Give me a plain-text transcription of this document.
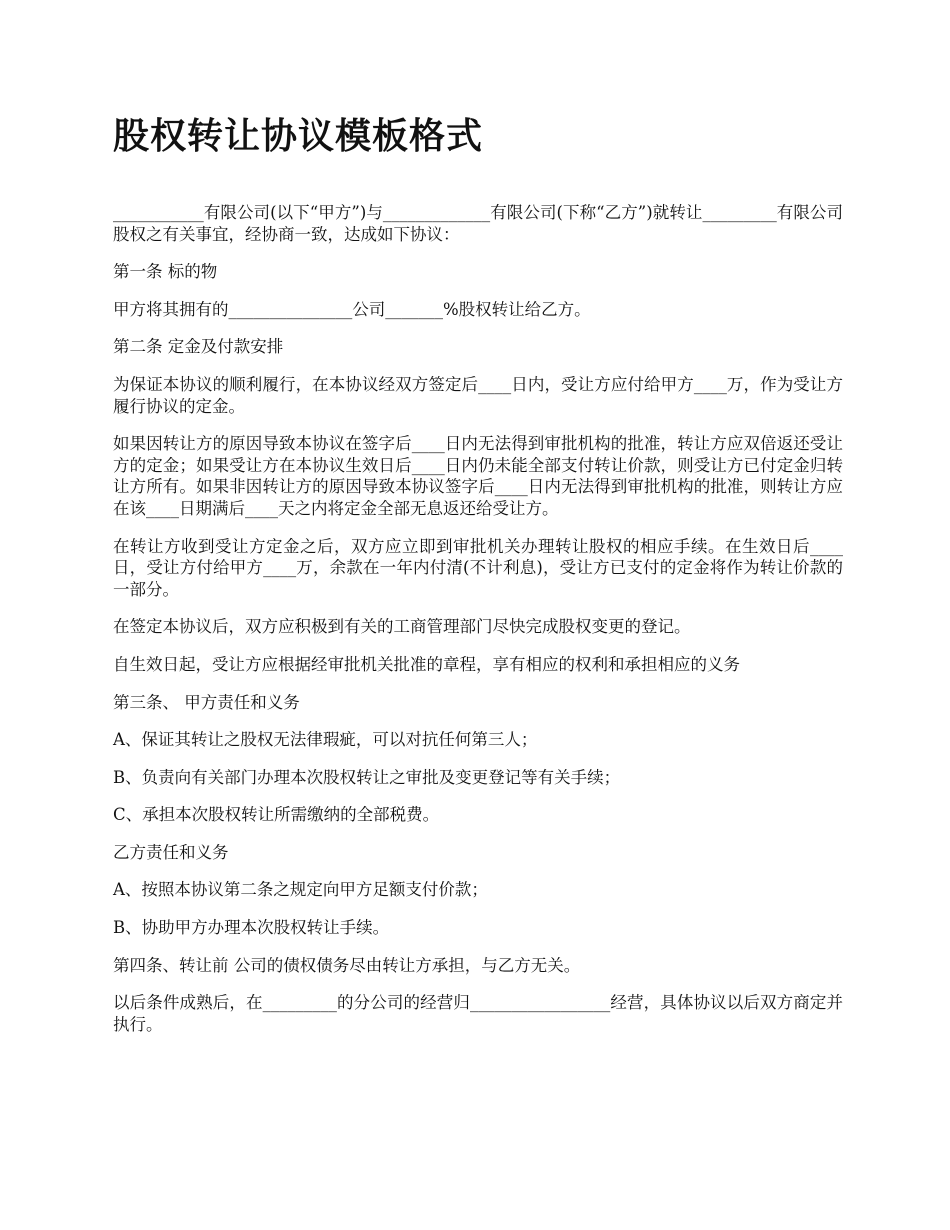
股权转让协议模板格式

___________有限公司(以下“甲方”)与_____________有限公司(下称“乙方”)就转让_________有限公司股权之有关事宜，经协商一致，达成如下协议：

第一条 标的物

甲方将其拥有的_______________公司_______%股权转让给乙方。

第二条 定金及付款安排

为保证本协议的顺利履行，在本协议经双方签定后____日内，受让方应付给甲方____万，作为受让方履行协议的定金。

如果因转让方的原因导致本协议在签字后____日内无法得到审批机构的批准，转让方应双倍返还受让方的定金；如果受让方在本协议生效日后____日内仍未能全部支付转让价款，则受让方已付定金归转让方所有。如果非因转让方的原因导致本协议签字后____日内无法得到审批机构的批准，则转让方应在该____日期满后____天之内将定金全部无息返还给受让方。

在转让方收到受让方定金之后，双方应立即到审批机关办理转让股权的相应手续。在生效日后____日，受让方付给甲方____万，余款在一年内付清(不计利息)，受让方已支付的定金将作为转让价款的一部分。

在签定本协议后，双方应积极到有关的工商管理部门尽快完成股权变更的登记。

自生效日起，受让方应根据经审批机关批准的章程，享有相应的权利和承担相应的义务

第三条、 甲方责任和义务

A、保证其转让之股权无法律瑕疵，可以对抗任何第三人；

B、负责向有关部门办理本次股权转让之审批及变更登记等有关手续；

C、承担本次股权转让所需缴纳的全部税费。

乙方责任和义务

A、按照本协议第二条之规定向甲方足额支付价款；

B、协助甲方办理本次股权转让手续。

第四条、转让前 公司的债权债务尽由转让方承担，与乙方无关。

以后条件成熟后，在_________的分公司的经营归_________________经营，具体协议以后双方商定并执行。
